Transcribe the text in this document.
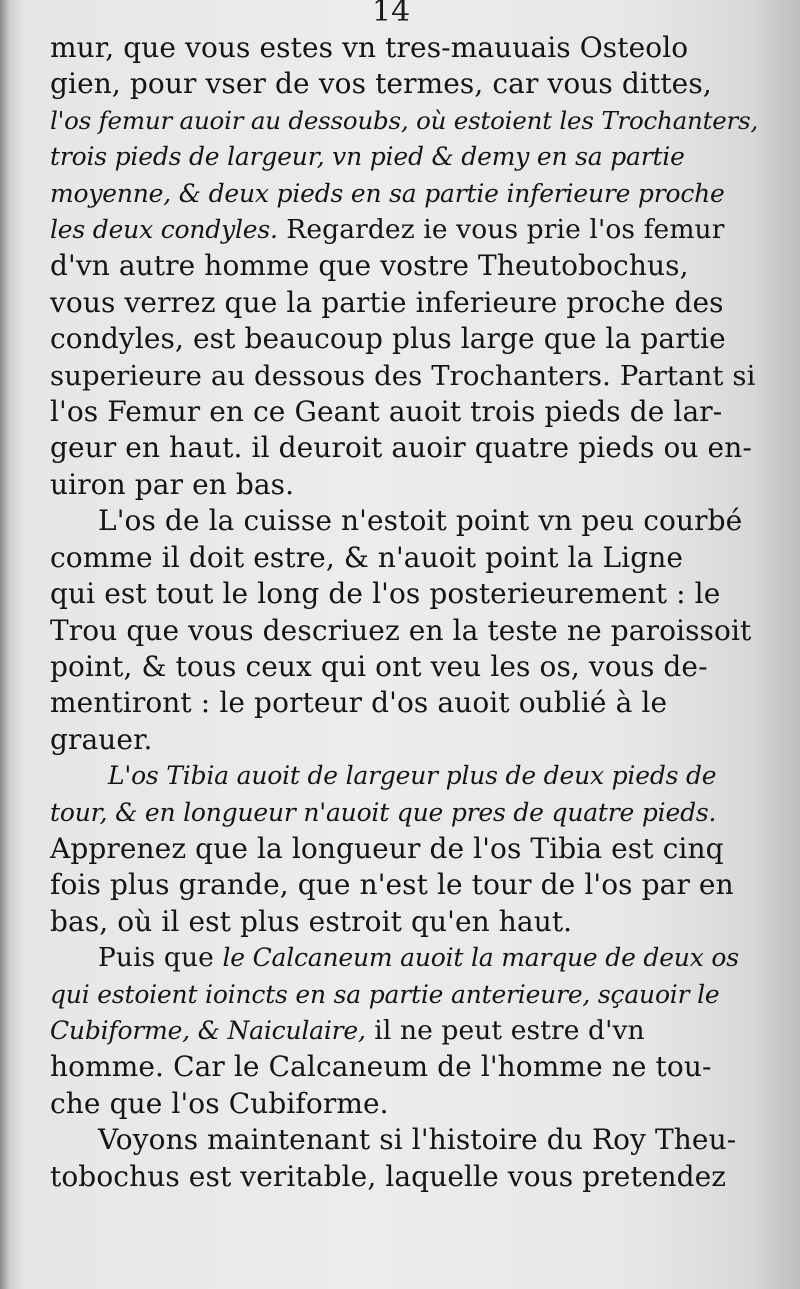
14
mur, que vous estes vn tres-mauuais Osteolo
gien, pour vser de vos termes, car vous dittes,
l'os femur auoir au dessoubs, où estoient les Trochanters,
trois pieds de largeur, vn pied & demy en sa partie
moyenne, & deux pieds en sa partie inferieure proche
les deux condyles. Regardez ie vous prie l'os femur
d'vn autre homme que vostre Theutobochus,
vous verrez que la partie inferieure proche des
condyles, est beaucoup plus large que la partie
superieure au dessous des Trochanters. Partant si
l'os Femur en ce Geant auoit trois pieds de lar-
geur en haut. il deuroit auoir quatre pieds ou en-
uiron par en bas.
L'os de la cuisse n'estoit point vn peu courbé
comme il doit estre, & n'auoit point la Ligne
qui est tout le long de l'os posterieurement : le
Trou que vous descriuez en la teste ne paroissoit
point, & tous ceux qui ont veu les os, vous de-
mentiront : le porteur d'os auoit oublié à le
grauer.
L'os Tibia auoit de largeur plus de deux pieds de
tour, & en longueur n'auoit que pres de quatre pieds.
Apprenez que la longueur de l'os Tibia est cinq
fois plus grande, que n'est le tour de l'os par en
bas, où il est plus estroit qu'en haut.
Puis que le Calcaneum auoit la marque de deux os
qui estoient ioincts en sa partie anterieure, sçauoir le
Cubiforme, & Naiculaire, il ne peut estre d'vn
homme. Car le Calcaneum de l'homme ne tou-
che que l'os Cubiforme.
Voyons maintenant si l'histoire du Roy Theu-
tobochus est veritable, laquelle vous pretendez
